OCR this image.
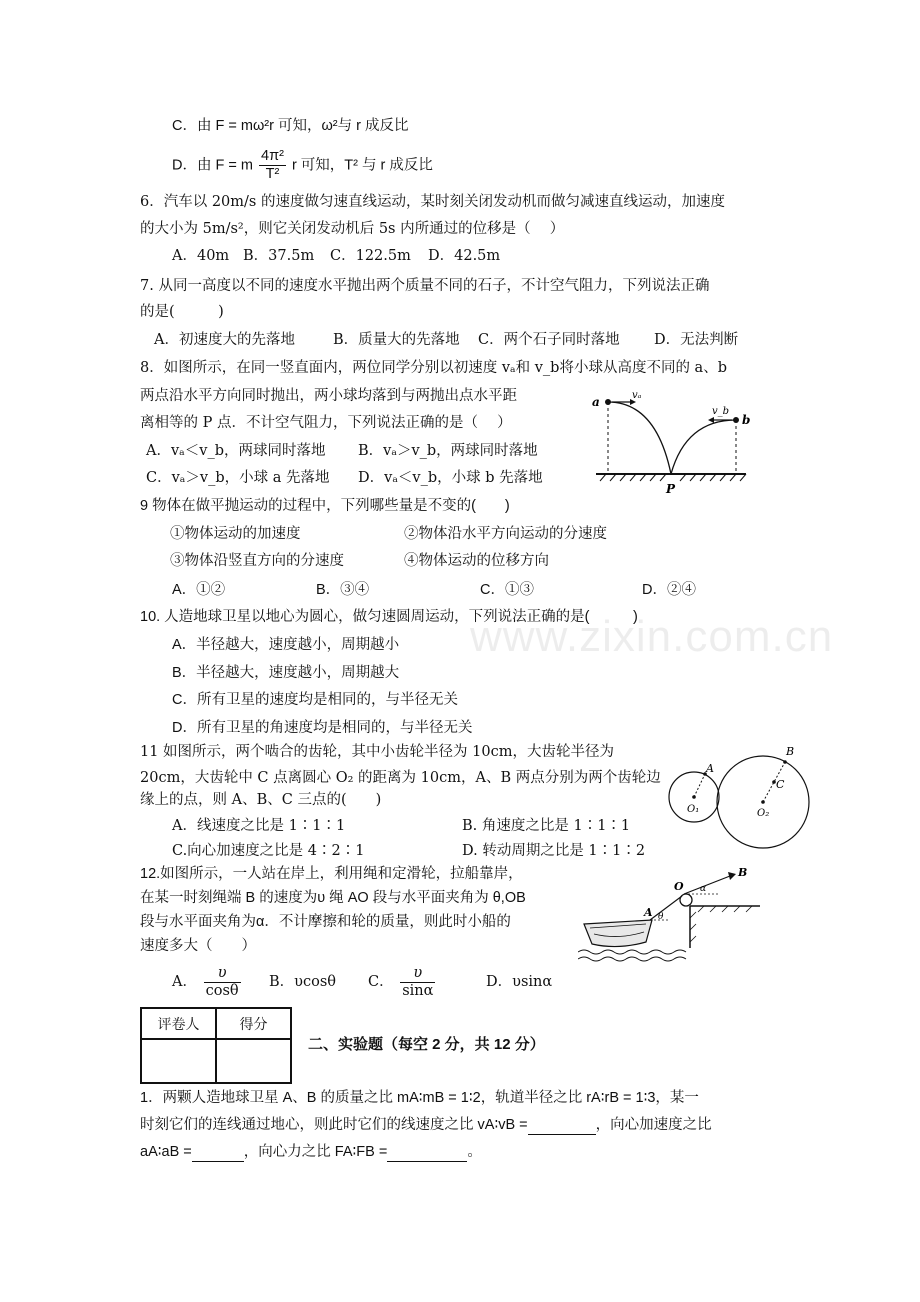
www.zixin.com.cn
C．由 F = mω²r 可知，ω²与 r 成反比
D．由 F = m $\frac{\text{4π²}}{\text{T²}}$ r 可知，T² 与 r 成反比
6．汽车以 20m/s 的速度做匀速直线运动，某时刻关闭发动机而做匀减速直线运动，加速度
的大小为 5m/s²，则它关闭发动机后 5s 内所通过的位移是（　 ）
A．40m B．37.5m C．122.5m D．42.5m
7. 从同一高度以不同的速度水平抛出两个质量不同的石子，不计空气阻力，下列说法正确
的是(　　　)
A．初速度大的先落地	B．质量大的先落地 C．两个石子同时落地 D．无法判断
8．如图所示，在同一竖直面内，两位同学分别以初速度 vₐ和 v_b将小球从高度不同的 a、b
两点沿水平方向同时抛出，两小球均落到与两抛出点水平距
离相等的 P 点．不计空气阻力，下列说法正确的是（　 ）
A．vₐ＜v_b，两球同时落地 B．vₐ＞v_b，两球同时落地
C．vₐ＞v_b，小球 a 先落地 D．vₐ＜v_b，小球 b 先落地
a	vₐ
b
v_b
P
9 物体在做平抛运动的过程中，下列哪些量是不变的(　　)
①物体运动的加速度	②物体沿水平方向运动的分速度
③物体沿竖直方向的分速度	④物体运动的位移方向
A．①②	B．③④	C．①③	D．②④
10. 人造地球卫星以地心为圆心，做匀速圆周运动，下列说法正确的是(　　　)
A．半径越大，速度越小，周期越小
B．半径越大，速度越小，周期越大
C．所有卫星的速度均是相同的，与半径无关
D．所有卫星的角速度均是相同的，与半径无关
11 如图所示，两个啮合的齿轮，其中小齿轮半径为 10cm，大齿轮半径为
20cm，大齿轮中 C 点离圆心 O₂ 的距离为 10cm，A、B 两点分别为两个齿轮边
缘上的点，则 A、B、C 三点的(　　)
A．线速度之比是 1∶1∶1	B. 角速度之比是 1∶1∶1
C.向心加速度之比是 4∶2∶1	D. 转动周期之比是 1∶1∶2
A
B
C
O₁	O₂
12.如图所示，一人站在岸上，利用绳和定滑轮，拉船靠岸，
在某一时刻绳端 B 的速度为υ 绳 AO 段与水平面夹角为 θ,OB
段与水平面夹角为α．不计摩擦和轮的质量，则此时小船的
速度多大（　　）
A． $\frac{\upsilon}{\cos\theta}$ B．υcosθ C． $\frac{\upsilon}{\sin\alpha}$	D．υsinα
O
B
A
α
θ
评卷人	得分

二、实验题（每空 2 分，共 12 分）
1．两颗人造地球卫星 A、B 的质量之比 mA∶mB = 1∶2，轨道半径之比 rA∶rB = 1∶3，某一
时刻它们的连线通过地心，则此时它们的线速度之比 vA∶vB =	，向心加速度之比
aA∶aB =	，向心力之比 FA∶FB =	。
